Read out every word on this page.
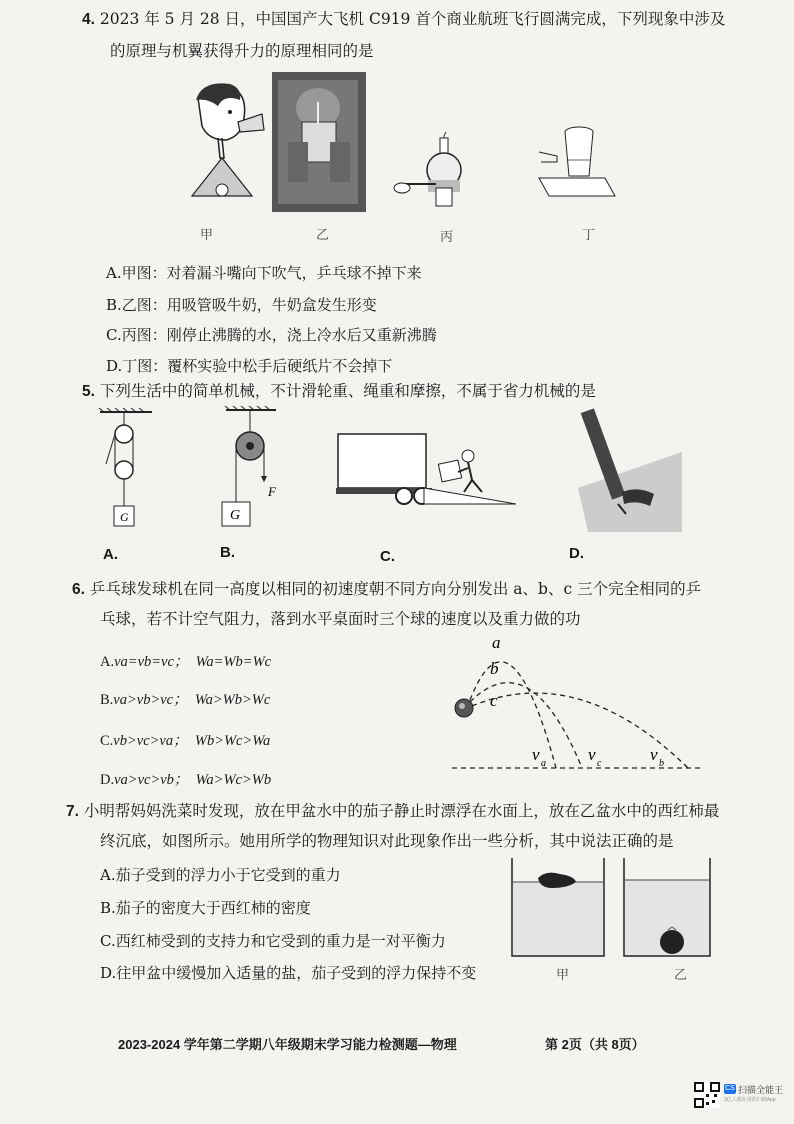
4. 2023 年 5 月 28 日，中国国产大飞机 C919 首个商业航班飞行圆满完成，下列现象中涉及
的原理与机翼获得升力的原理相同的是
甲	乙	丙	丁
A.甲图：对着漏斗嘴向下吹气，乒乓球不掉下来
B.乙图：用吸管吸牛奶，牛奶盒发生形变
C.丙图：刚停止沸腾的水，浇上冷水后又重新沸腾
D.丁图：覆杯实验中松手后硬纸片不会掉下
5. 下列生活中的简单机械，不计滑轮重、绳重和摩擦，不属于省力机械的是
G	G
F
A.	B.	C.	D.
6. 乒乓球发球机在同一高度以相同的初速度朝不同方向分别发出 a、b、c 三个完全相同的乒
乓球，若不计空气阻力，落到水平桌面时三个球的速度以及重力做的功
A.va=vb=vc； Wa=Wb=Wc
B.va>vb>vc； Wa>Wb>Wc
C.vb>vc>va； Wb>Wc>Wa
D.va>vc>vb； Wa>Wc>Wb
a
b
c
v a v c	v b
7. 小明帮妈妈洗菜时发现，放在甲盆水中的茄子静止时漂浮在水面上，放在乙盆水中的西红柿最
终沉底，如图所示。她用所学的物理知识对此现象作出一些分析，其中说法正确的是
A.茄子受到的浮力小于它受到的重力
B.茄子的密度大于西红柿的密度
C.西红柿受到的支持力和它受到的重力是一对平衡力
D.往甲盆中缓慢加入适量的盐，茄子受到的浮力保持不变	甲	乙
2023-2024 学年第二学期八年级期末学习能力检测题—物理	第 2页（共 8页）
CS 扫描全能王
3亿人都在用的扫描App
